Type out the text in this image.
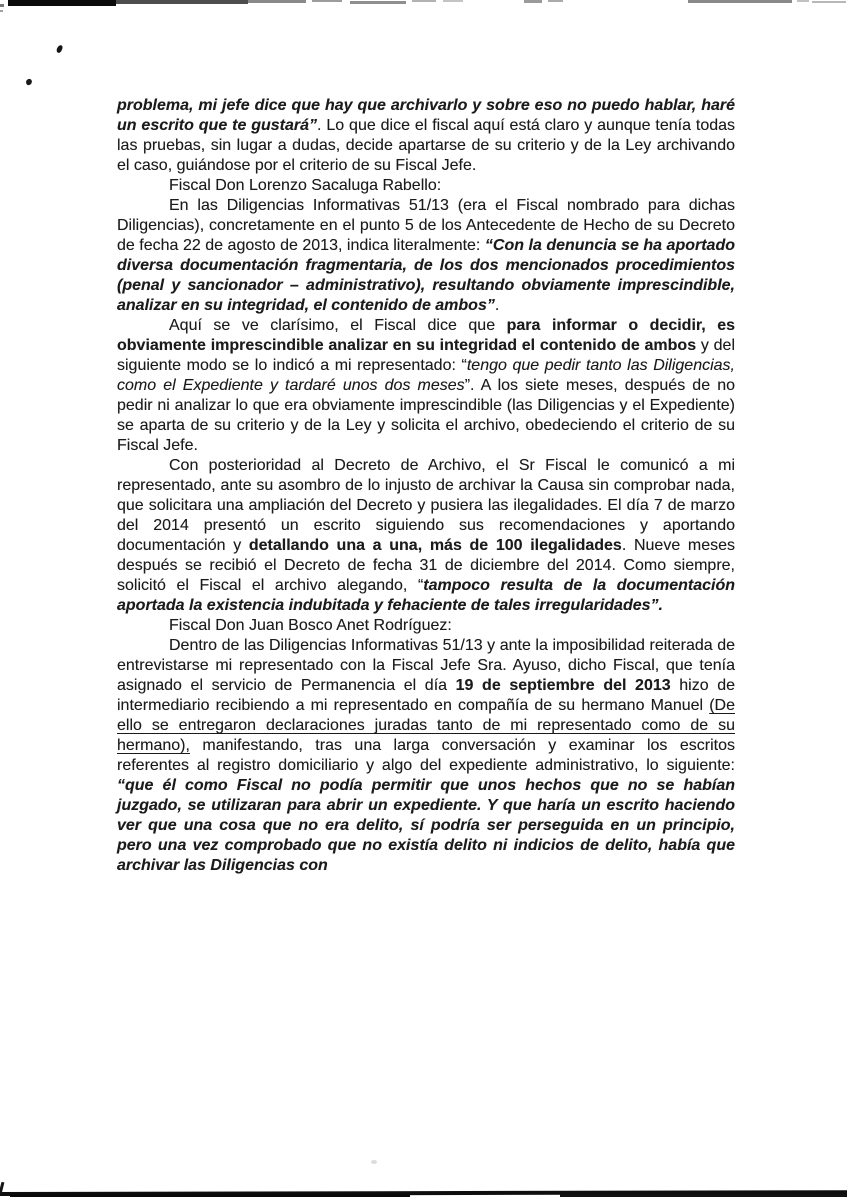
problema, mi jefe dice que hay que archivarlo y sobre eso no puedo hablar, haré un escrito que te gustará”. Lo que dice el fiscal aquí está claro y aunque tenía todas las pruebas, sin lugar a dudas, decide apartarse de su criterio y de la Ley archivando el caso, guiándose por el criterio de su Fiscal Jefe.

Fiscal Don Lorenzo Sacaluga Rabello:

En las Diligencias Informativas 51/13 (era el Fiscal nombrado para dichas Diligencias), concretamente en el punto 5 de los Antecedente de Hecho de su Decreto de fecha 22 de agosto de 2013, indica literalmente: “Con la denuncia se ha aportado diversa documentación fragmentaria, de los dos mencionados procedimientos (penal y sancionador – administrativo), resultando obviamente imprescindible, analizar en su integridad, el contenido de ambos”.

Aquí se ve clarísimo, el Fiscal dice que para informar o decidir, es obviamente imprescindible analizar en su integridad el contenido de ambos y del siguiente modo se lo indicó a mi representado: “tengo que pedir tanto las Diligencias, como el Expediente y tardaré unos dos meses”. A los siete meses, después de no pedir ni analizar lo que era obviamente imprescindible (las Diligencias y el Expediente) se aparta de su criterio y de la Ley y solicita el archivo, obedeciendo el criterio de su Fiscal Jefe.

Con posterioridad al Decreto de Archivo, el Sr Fiscal le comunicó a mi representado, ante su asombro de lo injusto de archivar la Causa sin comprobar nada, que solicitara una ampliación del Decreto y pusiera las ilegalidades. El día 7 de marzo del 2014 presentó un escrito siguiendo sus recomendaciones y aportando documentación y detallando una a una, más de 100 ilegalidades. Nueve meses después se recibió el Decreto de fecha 31 de diciembre del 2014. Como siempre, solicitó el Fiscal el archivo alegando, “tampoco resulta de la documentación aportada la existencia indubitada y fehaciente de tales irregularidades”.

Fiscal Don Juan Bosco Anet Rodríguez:

Dentro de las Diligencias Informativas 51/13 y ante la imposibilidad reiterada de entrevistarse mi representado con la Fiscal Jefe Sra. Ayuso, dicho Fiscal, que tenía asignado el servicio de Permanencia el día 19 de septiembre del 2013 hizo de intermediario recibiendo a mi representado en compañía de su hermano Manuel (De ello se entregaron declaraciones juradas tanto de mi representado como de su hermano), manifestando, tras una larga conversación y examinar los escritos referentes al registro domiciliario y algo del expediente administrativo, lo siguiente: “que él como Fiscal no podía permitir que unos hechos que no se habían juzgado, se utilizaran para abrir un expediente. Y que haría un escrito haciendo ver que una cosa que no era delito, sí podría ser perseguida en un principio, pero una vez comprobado que no existía delito ni indicios de delito, había que archivar las Diligencias con
